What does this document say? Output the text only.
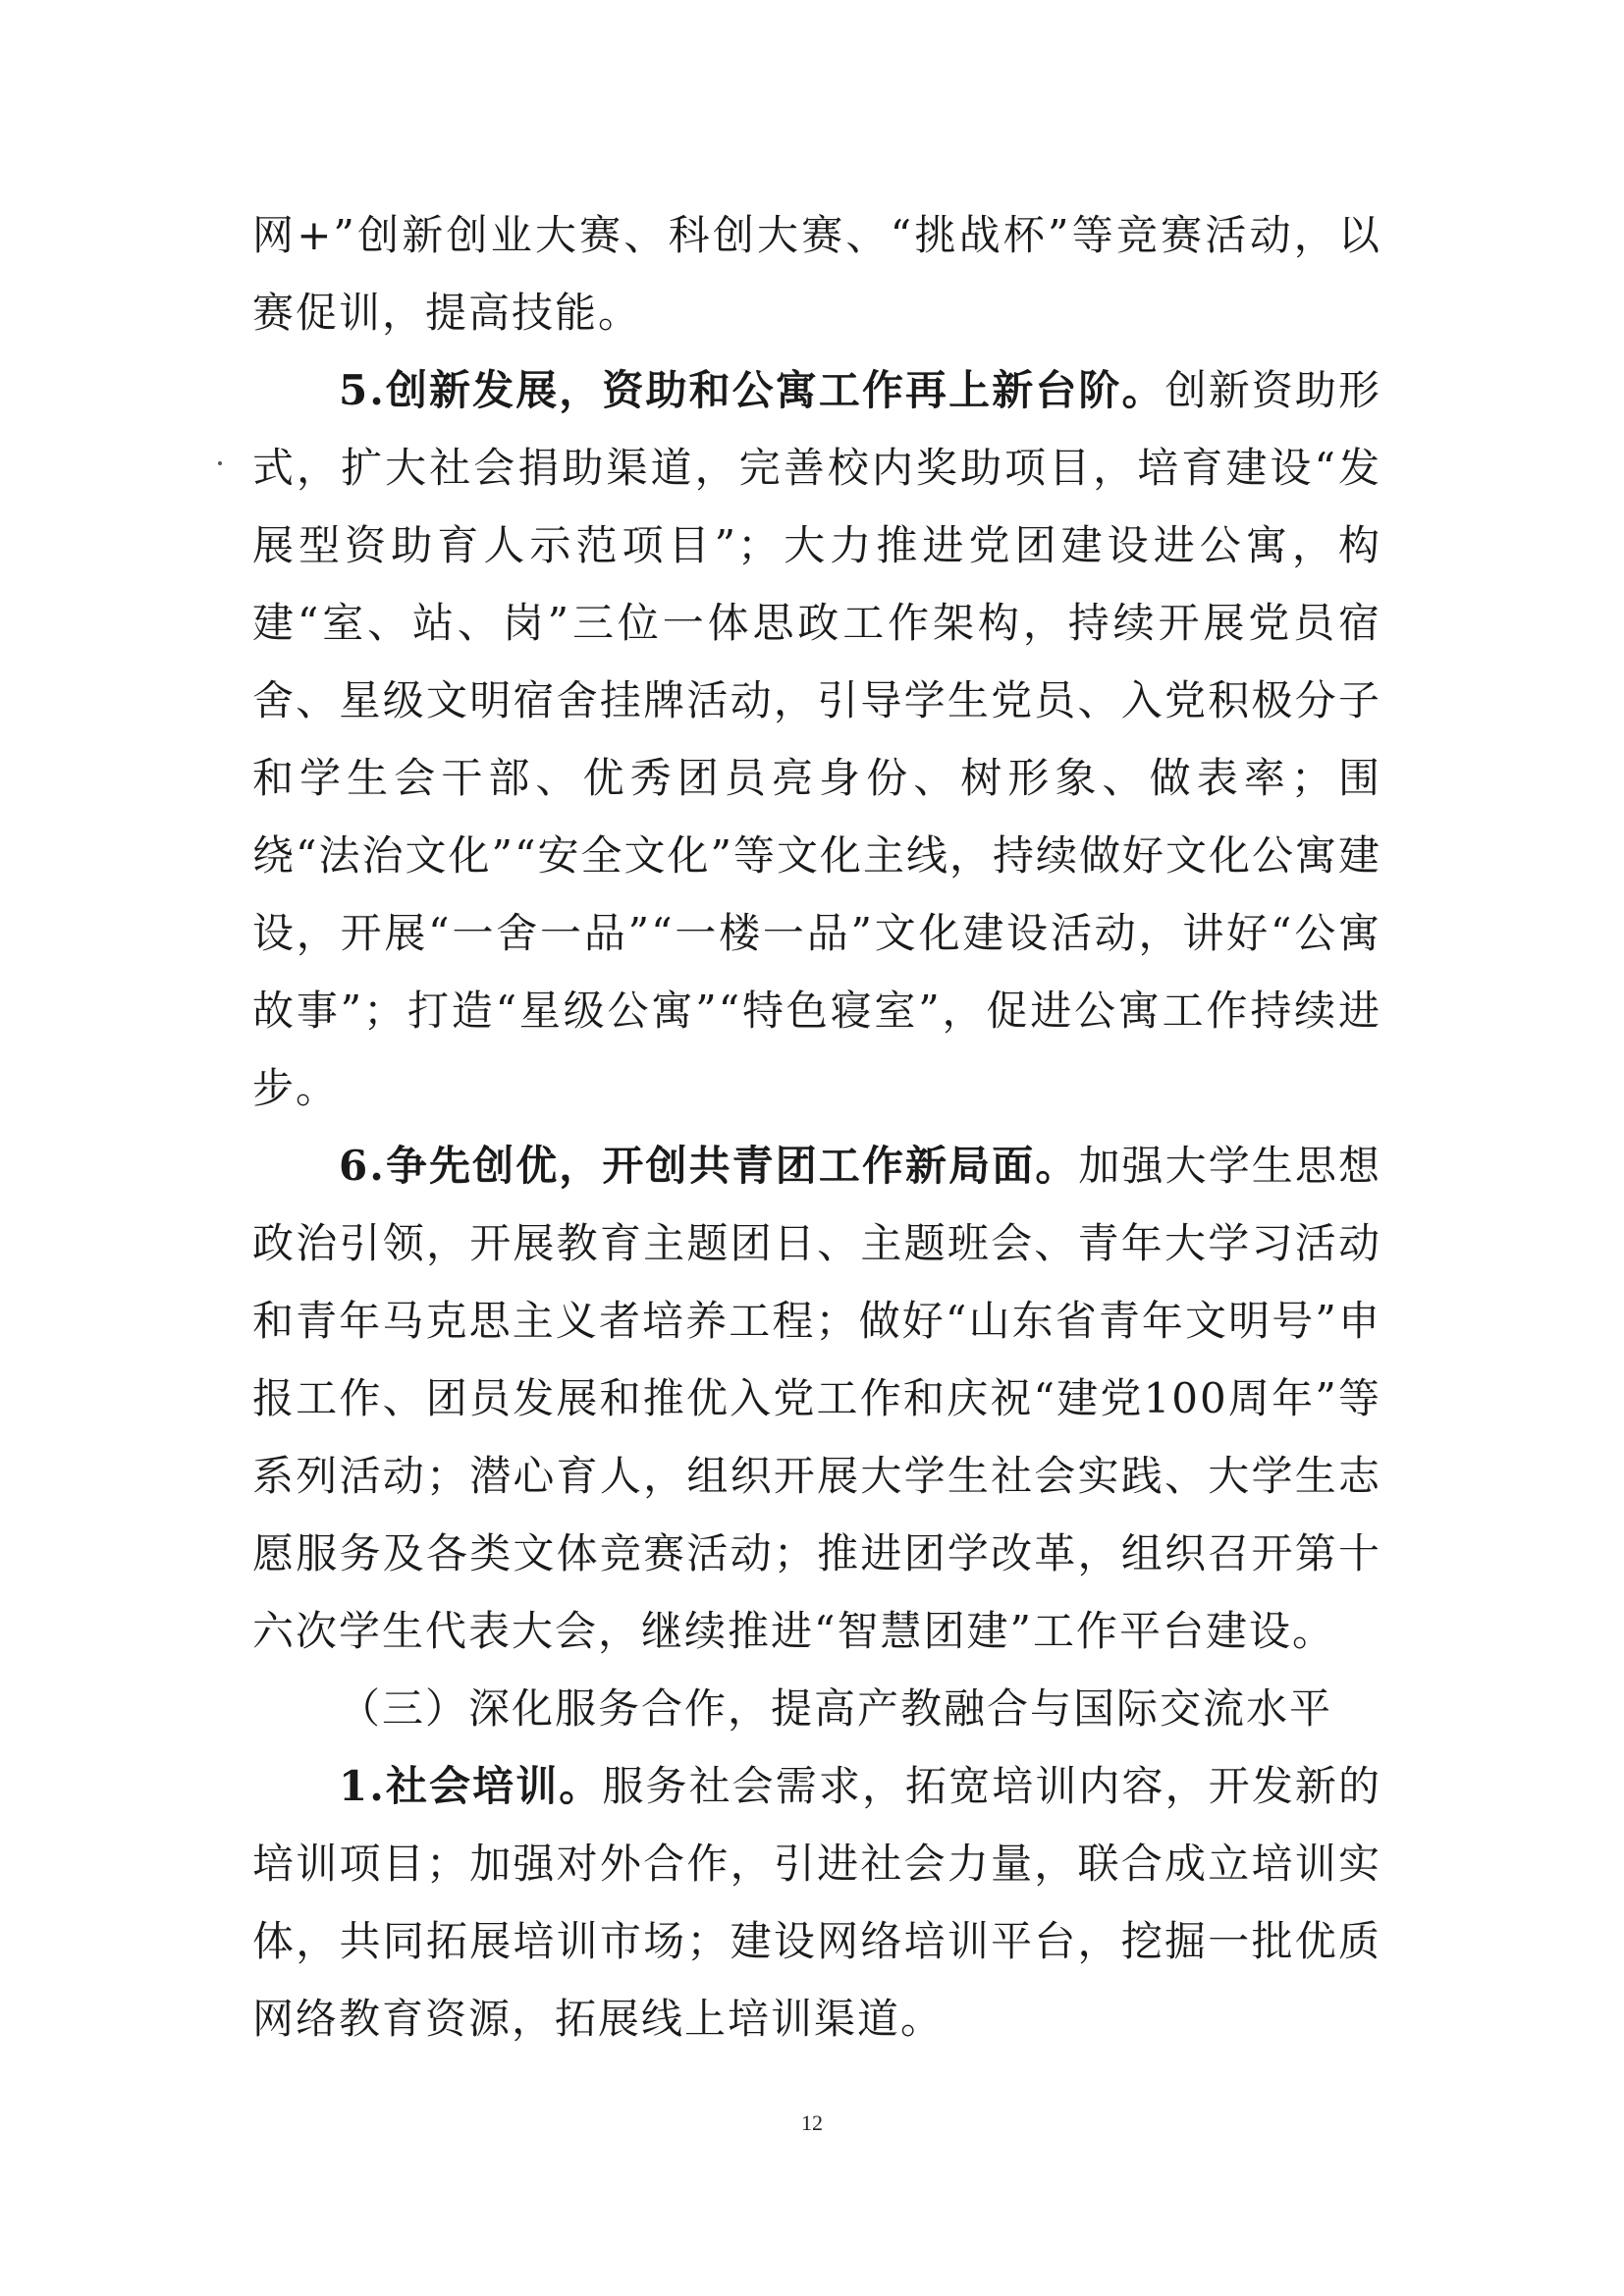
网+”创新创业大赛、科创大赛、“挑战杯”等竞赛活动，以赛促训，提高技能。

5.创新发展，资助和公寓工作再上新台阶。创新资助形式，扩大社会捐助渠道，完善校内奖助项目，培育建设“发展型资助育人示范项目”；大力推进党团建设进公寓，构建“室、站、岗”三位一体思政工作架构，持续开展党员宿舍、星级文明宿舍挂牌活动，引导学生党员、入党积极分子和学生会干部、优秀团员亮身份、树形象、做表率；围绕“法治文化”“安全文化”等文化主线，持续做好文化公寓建设，开展“一舍一品”“一楼一品”文化建设活动，讲好“公寓故事”；打造“星级公寓”“特色寝室”，促进公寓工作持续进步。

6.争先创优，开创共青团工作新局面。加强大学生思想政治引领，开展教育主题团日、主题班会、青年大学习活动和青年马克思主义者培养工程；做好“山东省青年文明号”申报工作、团员发展和推优入党工作和庆祝“建党100周年”等系列活动；潜心育人，组织开展大学生社会实践、大学生志愿服务及各类文体竞赛活动；推进团学改革，组织召开第十六次学生代表大会，继续推进“智慧团建”工作平台建设。

（三）深化服务合作，提高产教融合与国际交流水平

1.社会培训。服务社会需求，拓宽培训内容，开发新的培训项目；加强对外合作，引进社会力量，联合成立培训实体，共同拓展培训市场；建设网络培训平台，挖掘一批优质网络教育资源，拓展线上培训渠道。

12
